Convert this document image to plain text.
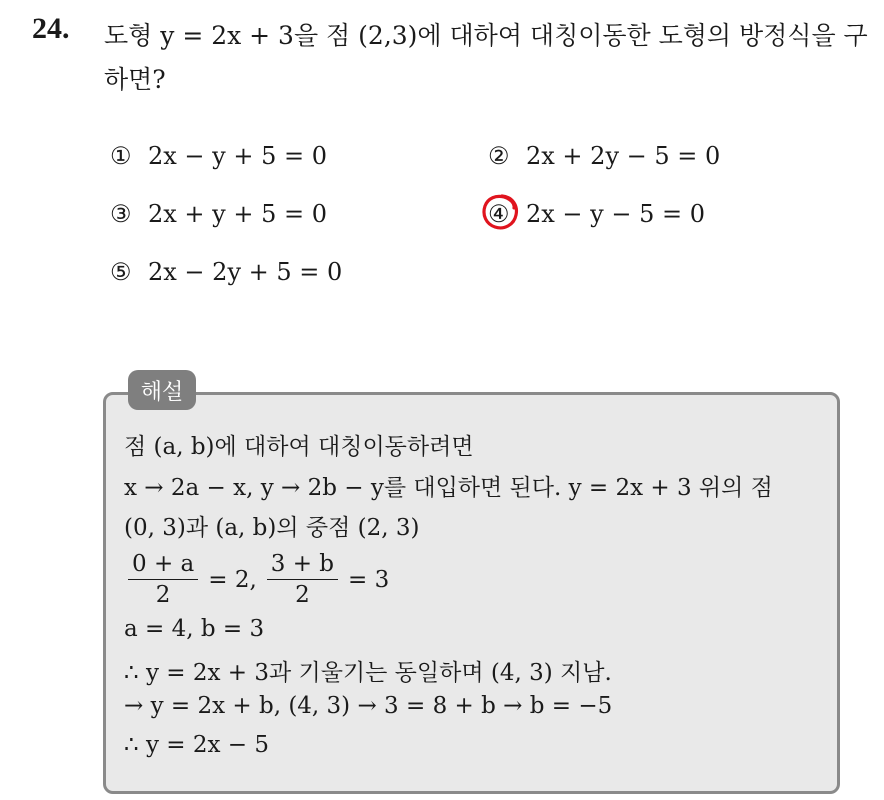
24. 도형 y = 2x + 3을 점 (2,3)에 대하여 대칭이동한 도형의 방정식을 구하면?
① 2x − y + 5 = 0	② 2x + 2y − 5 = 0
③ 2x + y + 5 = 0	④ 2x − y − 5 = 0
⑤ 2x − 2y + 5 = 0
해설
점 (a, b)에 대하여 대칭이동하려면
x → 2a − x, y → 2b − y를 대입하면 된다. y = 2x + 3 위의 점
(0, 3)과 (a, b)의 중점 (2, 3)
$\frac{0 + a}{2} = 2$, $\frac{3 + b}{2} = 3$
a = 4, b = 3
∴ y = 2x + 3과 기울기는 동일하며 (4, 3) 지남.
→ y = 2x + b, (4, 3) → 3 = 8 + b → b = −5
∴ y = 2x − 5
